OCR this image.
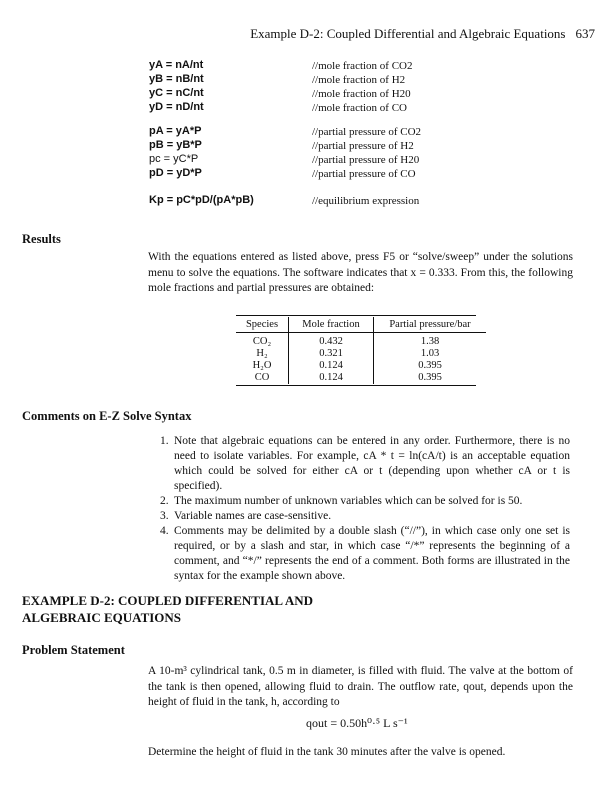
Example D-2: Coupled Differential and Algebraic Equations 637
yA = nA/nt	//mole fraction of CO2
yB = nB/nt	//mole fraction of H2
yC = nC/nt	//mole fraction of H20
yD = nD/nt	//mole fraction of CO
pA = yA*P	//partial pressure of CO2
pB = yB*P	//partial pressure of H2
pc = yC*P	//partial pressure of H20
pD = yD*P	//partial pressure of CO
Kp = pC*pD/(pA*pB)	//equilibrium expression
Results
With the equations entered as listed above, press F5 or “solve/sweep” under the solutions menu to solve the equations. The software indicates that x = 0.333. From this, the following mole fractions and partial pressures are obtained:
Species	Mole fraction	Partial pressure/bar
CO₂	0.432	1.38
H₂	0.321	1.03
H₂O	0.124	0.395
CO	0.124	0.395
Comments on E-Z Solve Syntax
1. Note that algebraic equations can be entered in any order. Furthermore, there is no need to isolate variables. For example, cA * t = ln(cA/t) is an acceptable equation which could be solved for either cA or t (depending upon whether cA or t is specified).
2. The maximum number of unknown variables which can be solved for is 50.
3. Variable names are case-sensitive.
4. Comments may be delimited by a double slash (“//”), in which case only one set is required, or by a slash and star, in which case “/*” represents the beginning of a comment, and “*/” represents the end of a comment. Both forms are illustrated in the syntax for the example shown above.
EXAMPLE D-2: COUPLED DIFFERENTIAL AND ALGEBRAIC EQUATIONS
Problem Statement
A 10-m³ cylindrical tank, 0.5 m in diameter, is filled with fluid. The valve at the bottom of the tank is then opened, allowing fluid to drain. The outflow rate, qout, depends upon the height of fluid in the tank, h, according to
qout = 0.50h⁰·⁵ L s⁻¹
Determine the height of fluid in the tank 30 minutes after the valve is opened.
